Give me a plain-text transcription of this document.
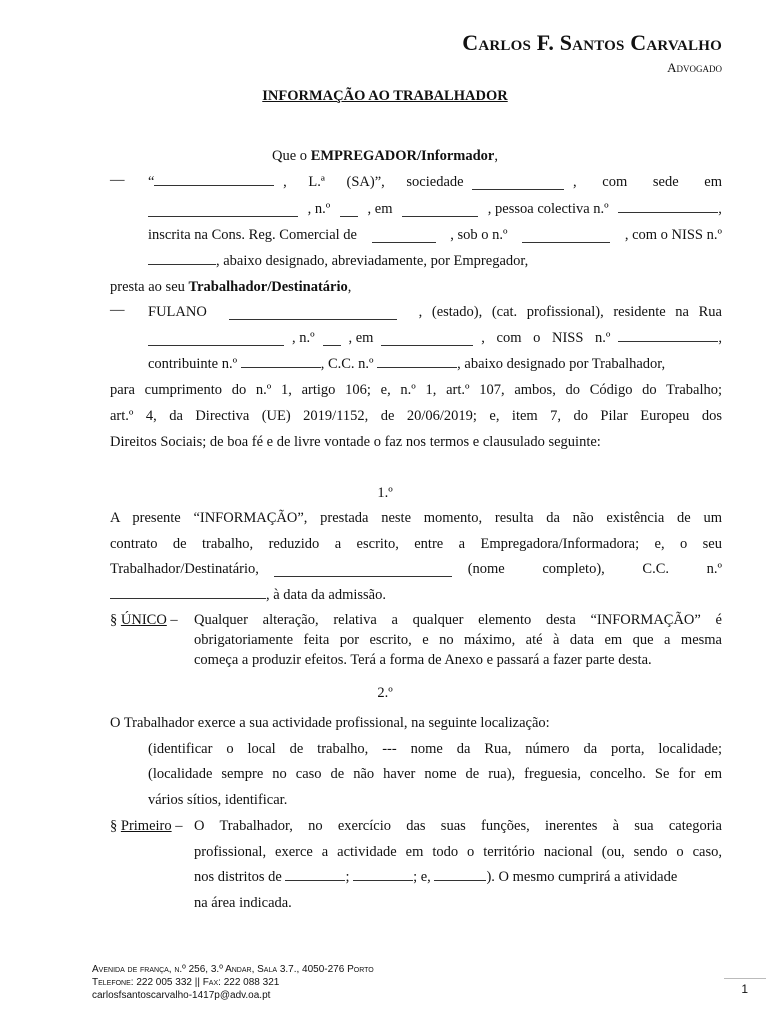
Carlos F. Santos Carvalho
Advogado
INFORMAÇÃO AO TRABALHADOR
Que o EMPREGADOR/Informador,
— “	, L.ª (SA)”, sociedade	, com sede em
, n.º	, em	, pessoa colectiva n.º	,
inscrita na Cons. Reg. Comercial de	, sob o n.º	, com o NISS n.º
, abaixo designado, abreviadamente, por Empregador,
presta ao seu Trabalhador/Destinatário,
— FULANO	, (estado), (cat. profissional), residente na Rua
, n.º , em	, com o NISS n.º	,
contribuinte n.º	, C.C. n.º	, abaixo designado por Trabalhador,
para cumprimento do n.º 1, artigo 106; e, n.º 1, art.º 107, ambos, do Código do Trabalho;
art.º 4, da Directiva (UE) 2019/1152, de 20/06/2019; e, item 7, do Pilar Europeu dos
Direitos Sociais; de boa fé e de livre vontade o faz nos termos e clausulado seguinte:
1.º
A presente “INFORMAÇÃO”, prestada neste momento, resulta da não existência de um
contrato de trabalho, reduzido a escrito, entre a Empregadora/Informadora; e, o seu
Trabalhador/Destinatário,	(nome completo), C.C. n.º
, à data da admissão.
§ ÚNICO – Qualquer alteração, relativa a qualquer elemento desta “INFORMAÇÃO” é
obrigatoriamente feita por escrito, e no máximo, até à data em que a mesma
começa a produzir efeitos. Terá a forma de Anexo e passará a fazer parte desta.
2.º
O Trabalhador exerce a sua actividade profissional, na seguinte localização:
(identificar o local de trabalho, --- nome da Rua, número da porta, localidade;
(localidade sempre no caso de não haver nome de rua), freguesia, concelho. Se for em
vários sítios, identificar.
§ Primeiro – O Trabalhador, no exercício das suas funções, inerentes à sua categoria
profissional, exerce a actividade em todo o território nacional (ou, sendo o caso,
nos distritos de	;	; e,	). O mesmo cumprirá a atividade
na área indicada.
Avenida de frança, n.º 256, 3.º Andar, Sala 3.7., 4050-276 Porto
Telefone: 222 005 332 || Fax: 222 088 321
carlosfsantoscarvalho-1417p@adv.oa.pt	1
